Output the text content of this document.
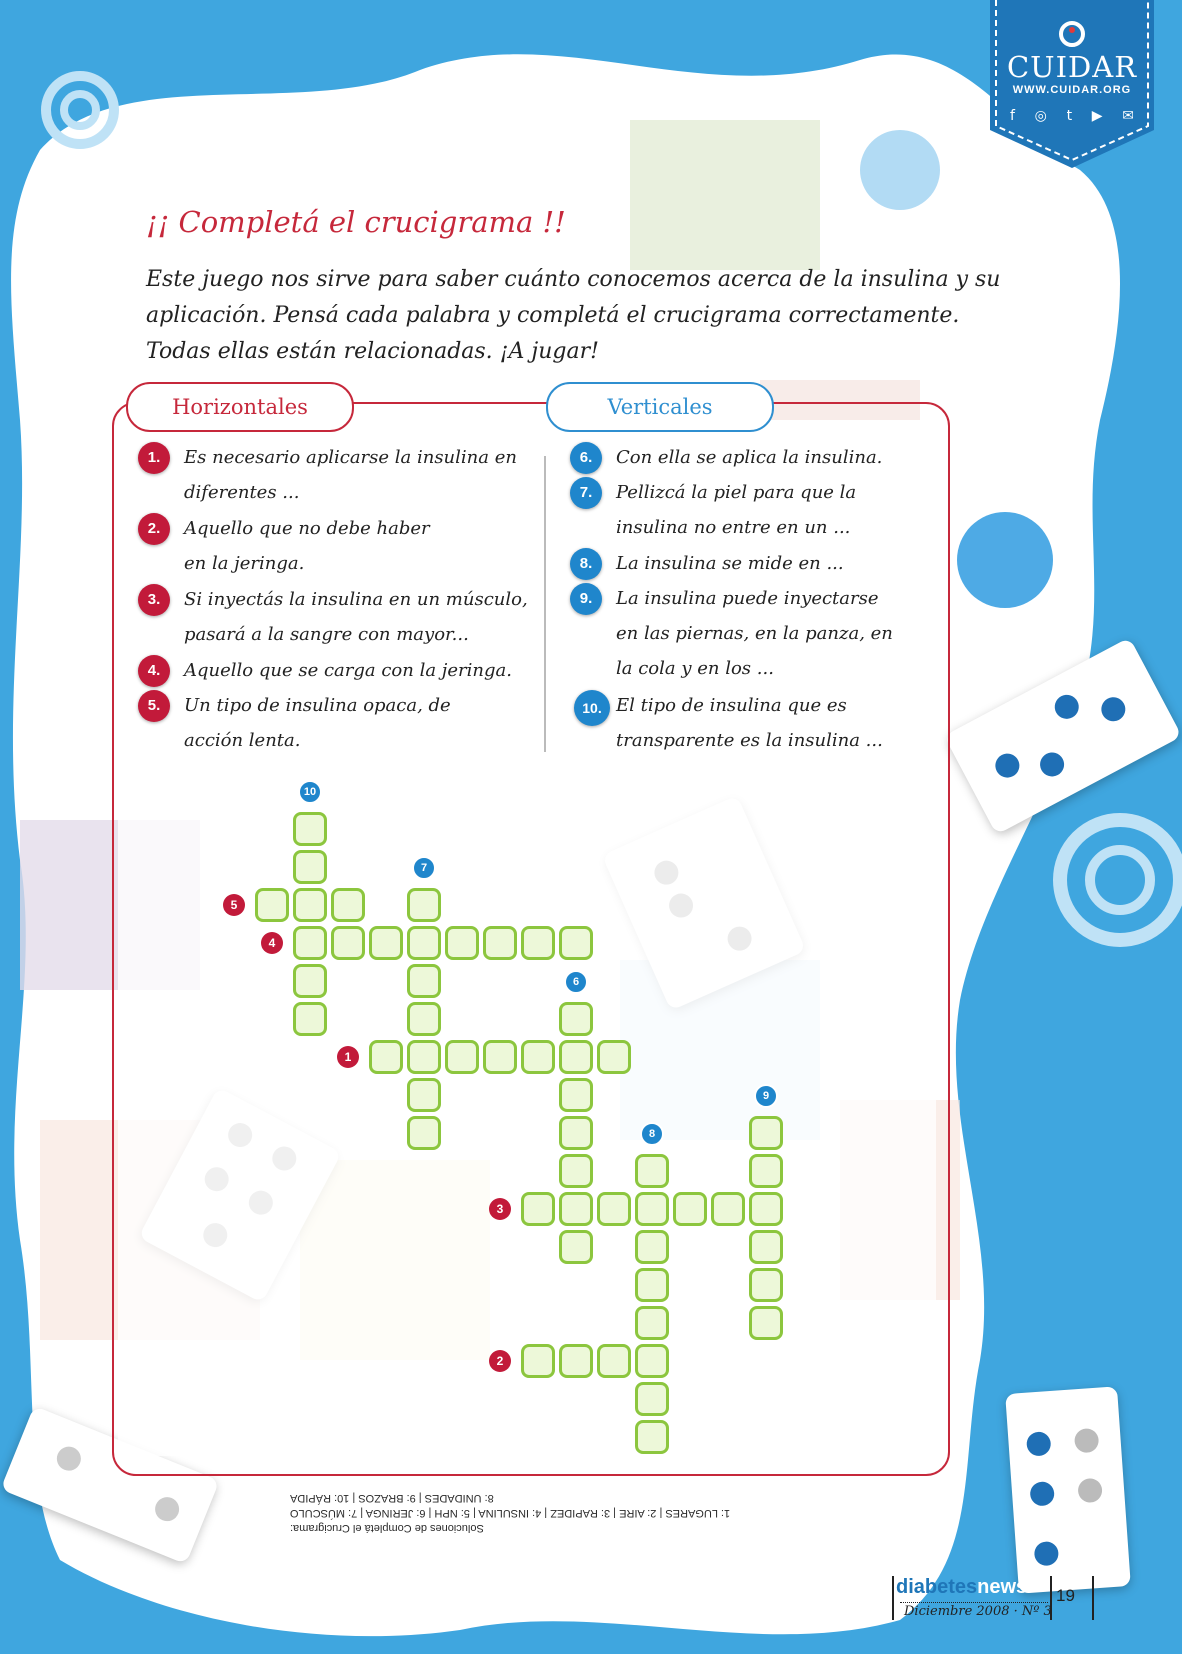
CUIDAR
WWW.CUIDAR.ORG
f ◎ t ▶ ✉
¡¡ Completá el crucigrama !!
Este juego nos sirve para saber cuánto conocemos acerca de la insulina y su aplicación. Pensá cada palabra y completá el crucigrama correctamente. Todas ellas están relacionadas. ¡A jugar!
Horizontales	Verticales
1.	Es necesario aplicarse la insulina en diferentes ...
2.	Aquello que no debe haber en la jeringa.
3.	Si inyectás la insulina en un músculo, pasará a la sangre con mayor...
4.	Aquello que se carga con la jeringa.
5.	Un tipo de insulina opaca, de acción lenta.
6.	Con ella se aplica la insulina.
7.	Pellizcá la piel para que la insulina no entre en un ...
8.	La insulina se mide en ...
9.	La insulina puede inyectarse en las piernas, en la panza, en la cola y en los ...
10. El tipo de insulina que es transparente es la insulina ...
10
7
5
4
6
1
9
8
3
2
Soluciones de Completá el Crucigrama:
1: LUGARES | 2: AIRE | 3: RAPIDEZ | 4: INSULINA | 5: NPH | 6: JERINGA | 7: MÚSCULO
8: UNIDADES | 9: BRAZOS | 10: RÁPIDA
diabetesnews
Diciembre 2008 · Nº 3
19
